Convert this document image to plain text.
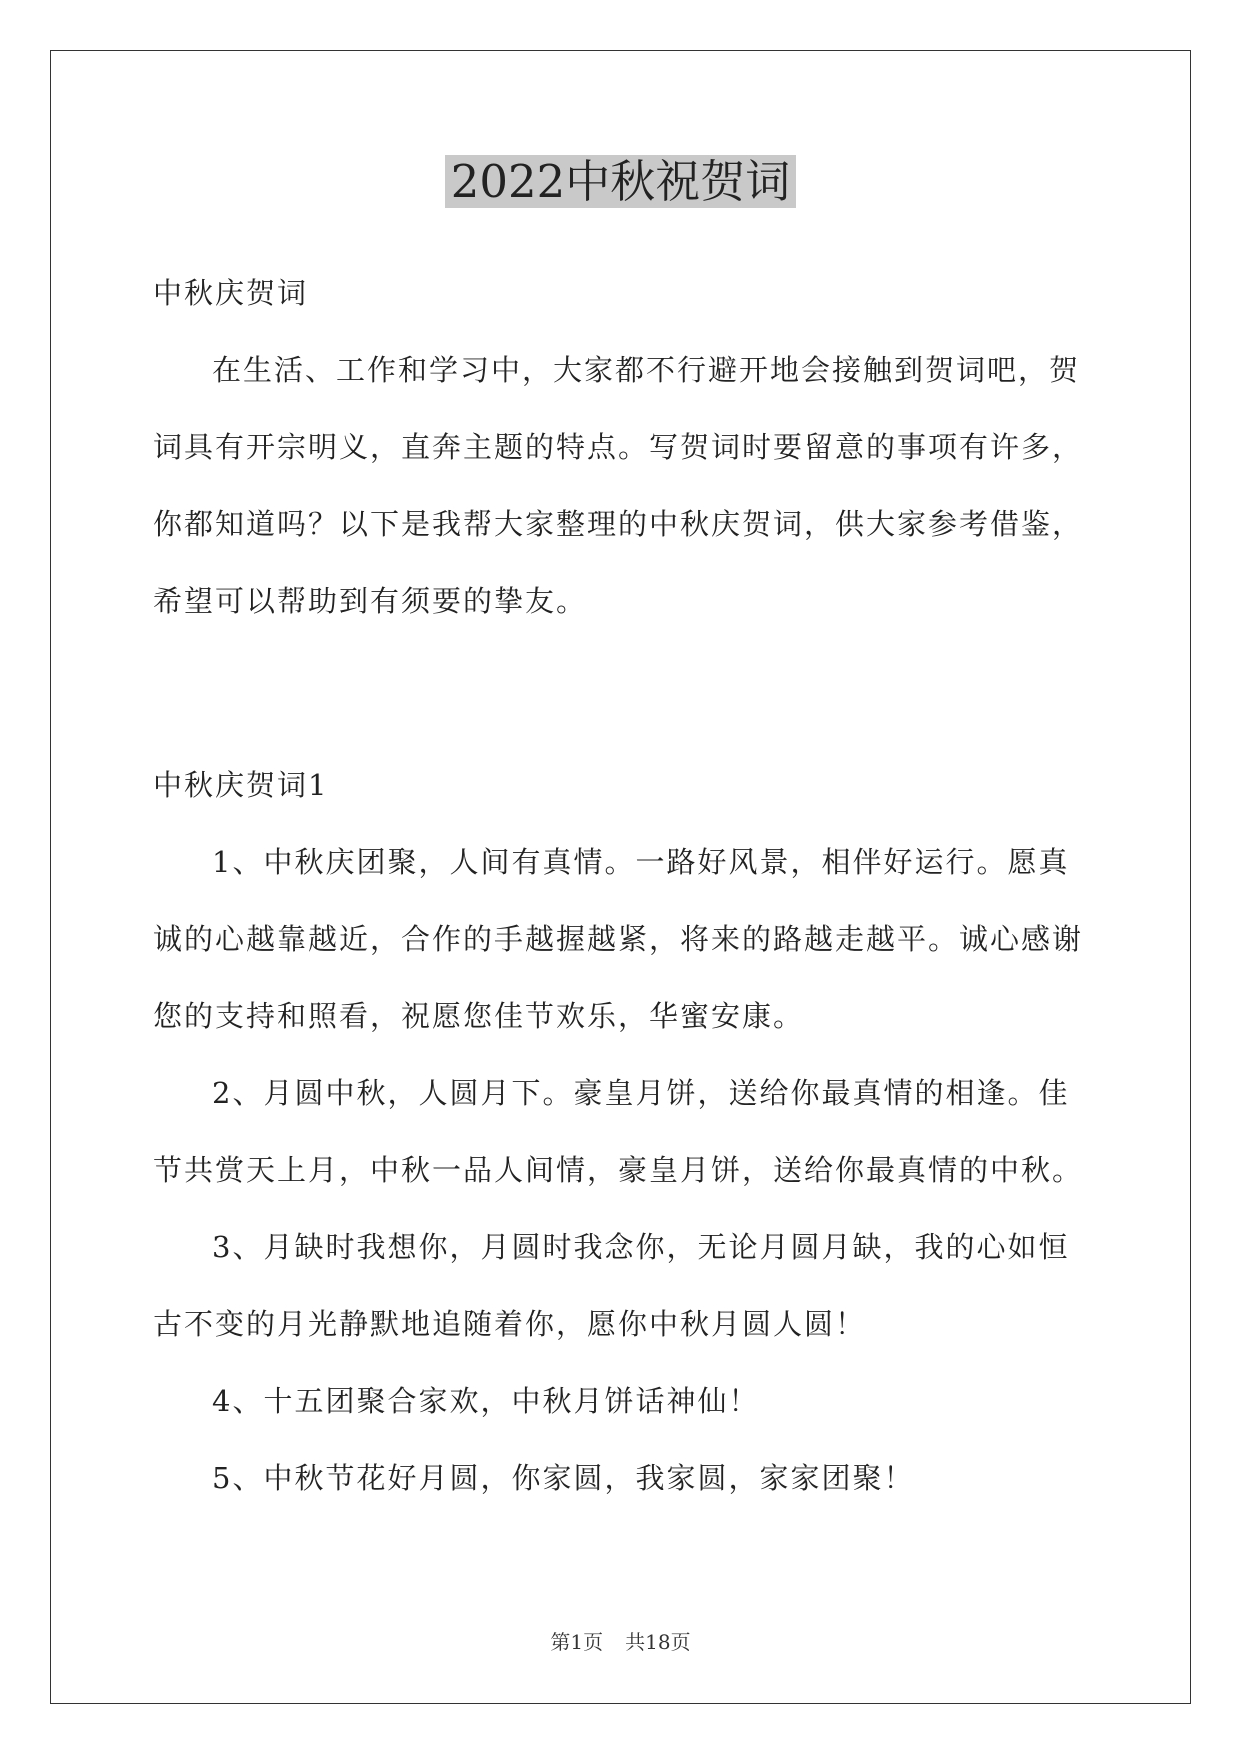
2022中秋祝贺词

中秋庆贺词

在生活、工作和学习中，大家都不行避开地会接触到贺词吧，贺词具有开宗明义，直奔主题的特点。写贺词时要留意的事项有许多，你都知道吗？以下是我帮大家整理的中秋庆贺词，供大家参考借鉴，希望可以帮助到有须要的挚友。

中秋庆贺词1

1、中秋庆团聚，人间有真情。一路好风景，相伴好运行。愿真诚的心越靠越近，合作的手越握越紧，将来的路越走越平。诚心感谢您的支持和照看，祝愿您佳节欢乐，华蜜安康。

2、月圆中秋，人圆月下。豪皇月饼，送给你最真情的相逢。佳节共赏天上月，中秋一品人间情，豪皇月饼，送给你最真情的中秋。

3、月缺时我想你，月圆时我念你，无论月圆月缺，我的心如恒古不变的月光静默地追随着你，愿你中秋月圆人圆！

4、十五团聚合家欢，中秋月饼话神仙！

5、中秋节花好月圆，你家圆，我家圆，家家团聚！

第1页 共18页
